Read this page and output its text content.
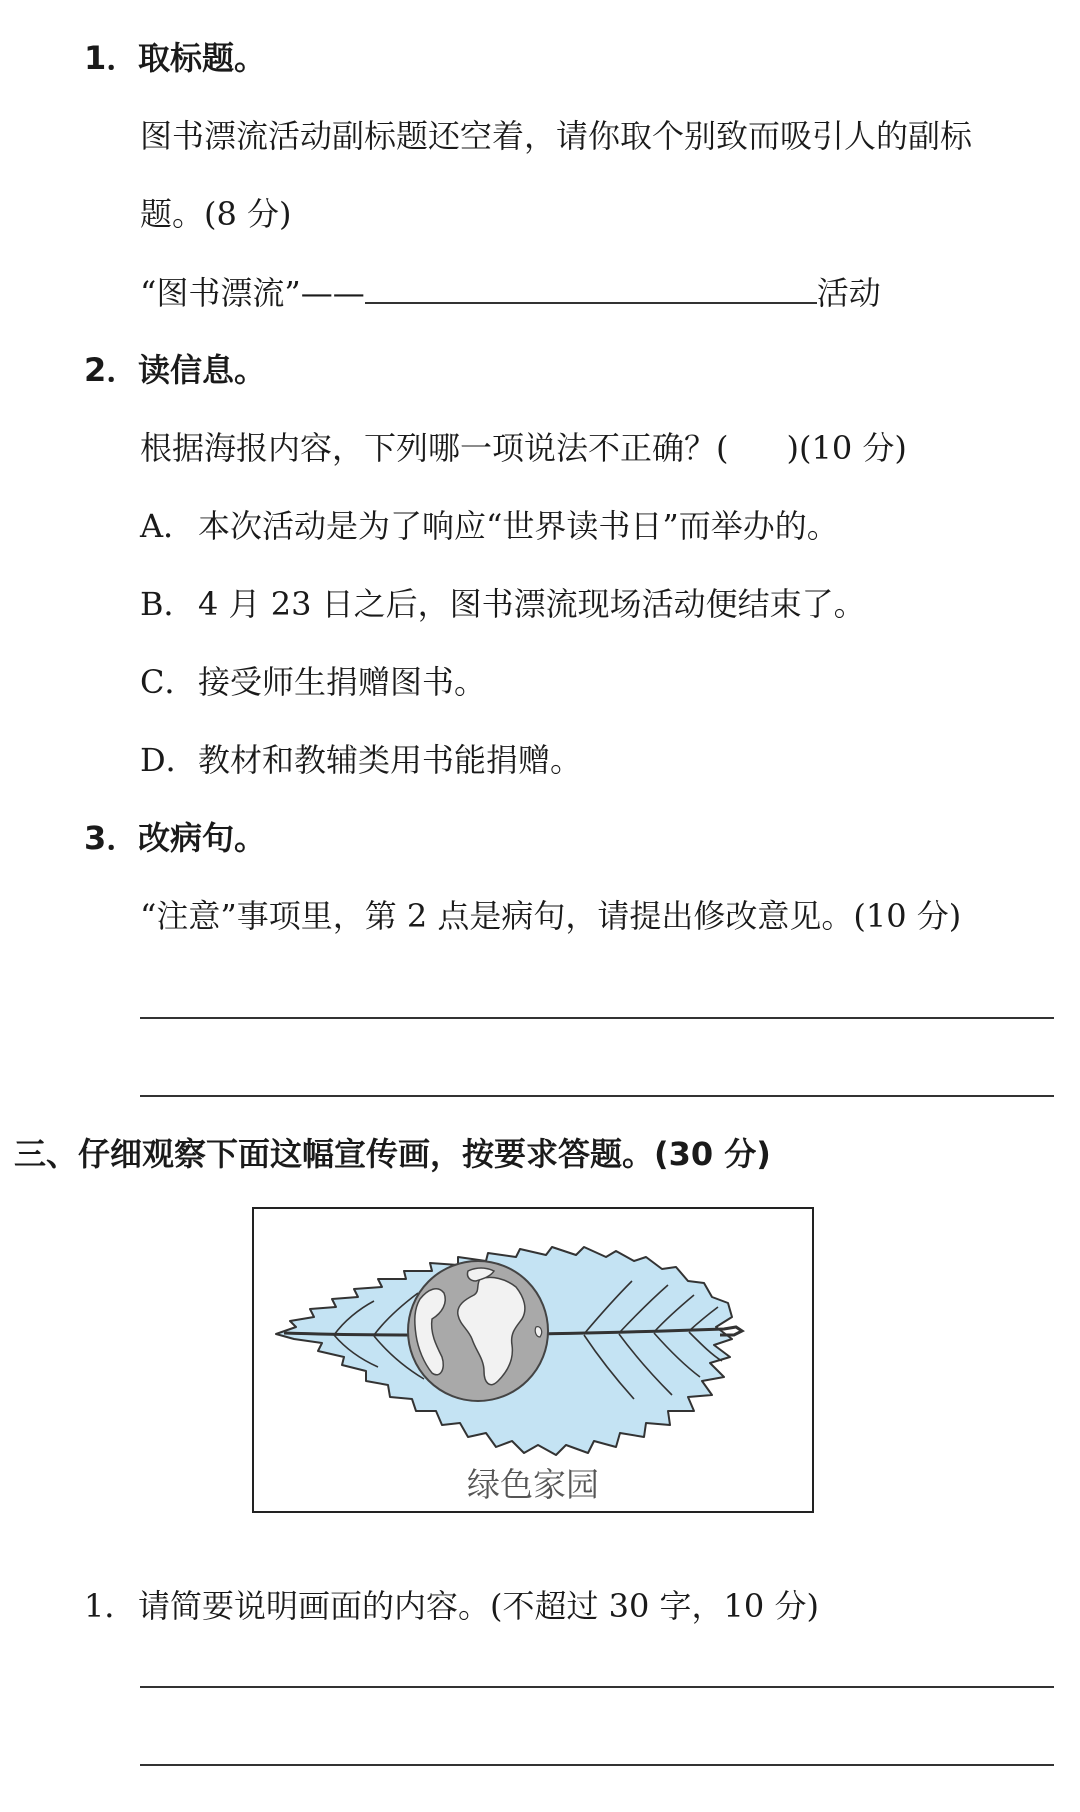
1．取标题。
图书漂流活动副标题还空着，请你取个别致而吸引人的副标
题。(8 分)
“图书漂流”——	活动
2．读信息。
根据海报内容，下列哪一项说法不正确？( )(10 分)
A．本次活动是为了响应“世界读书日”而举办的。
B．4 月 23 日之后，图书漂流现场活动便结束了。
C．接受师生捐赠图书。
D．教材和教辅类用书能捐赠。
3．改病句。
“注意”事项里，第 2 点是病句，请提出修改意见。(10 分)
三、仔细观察下面这幅宣传画，按要求答题。(30 分)
绿色家园
1．请简要说明画面的内容。(不超过 30 字，10 分)
